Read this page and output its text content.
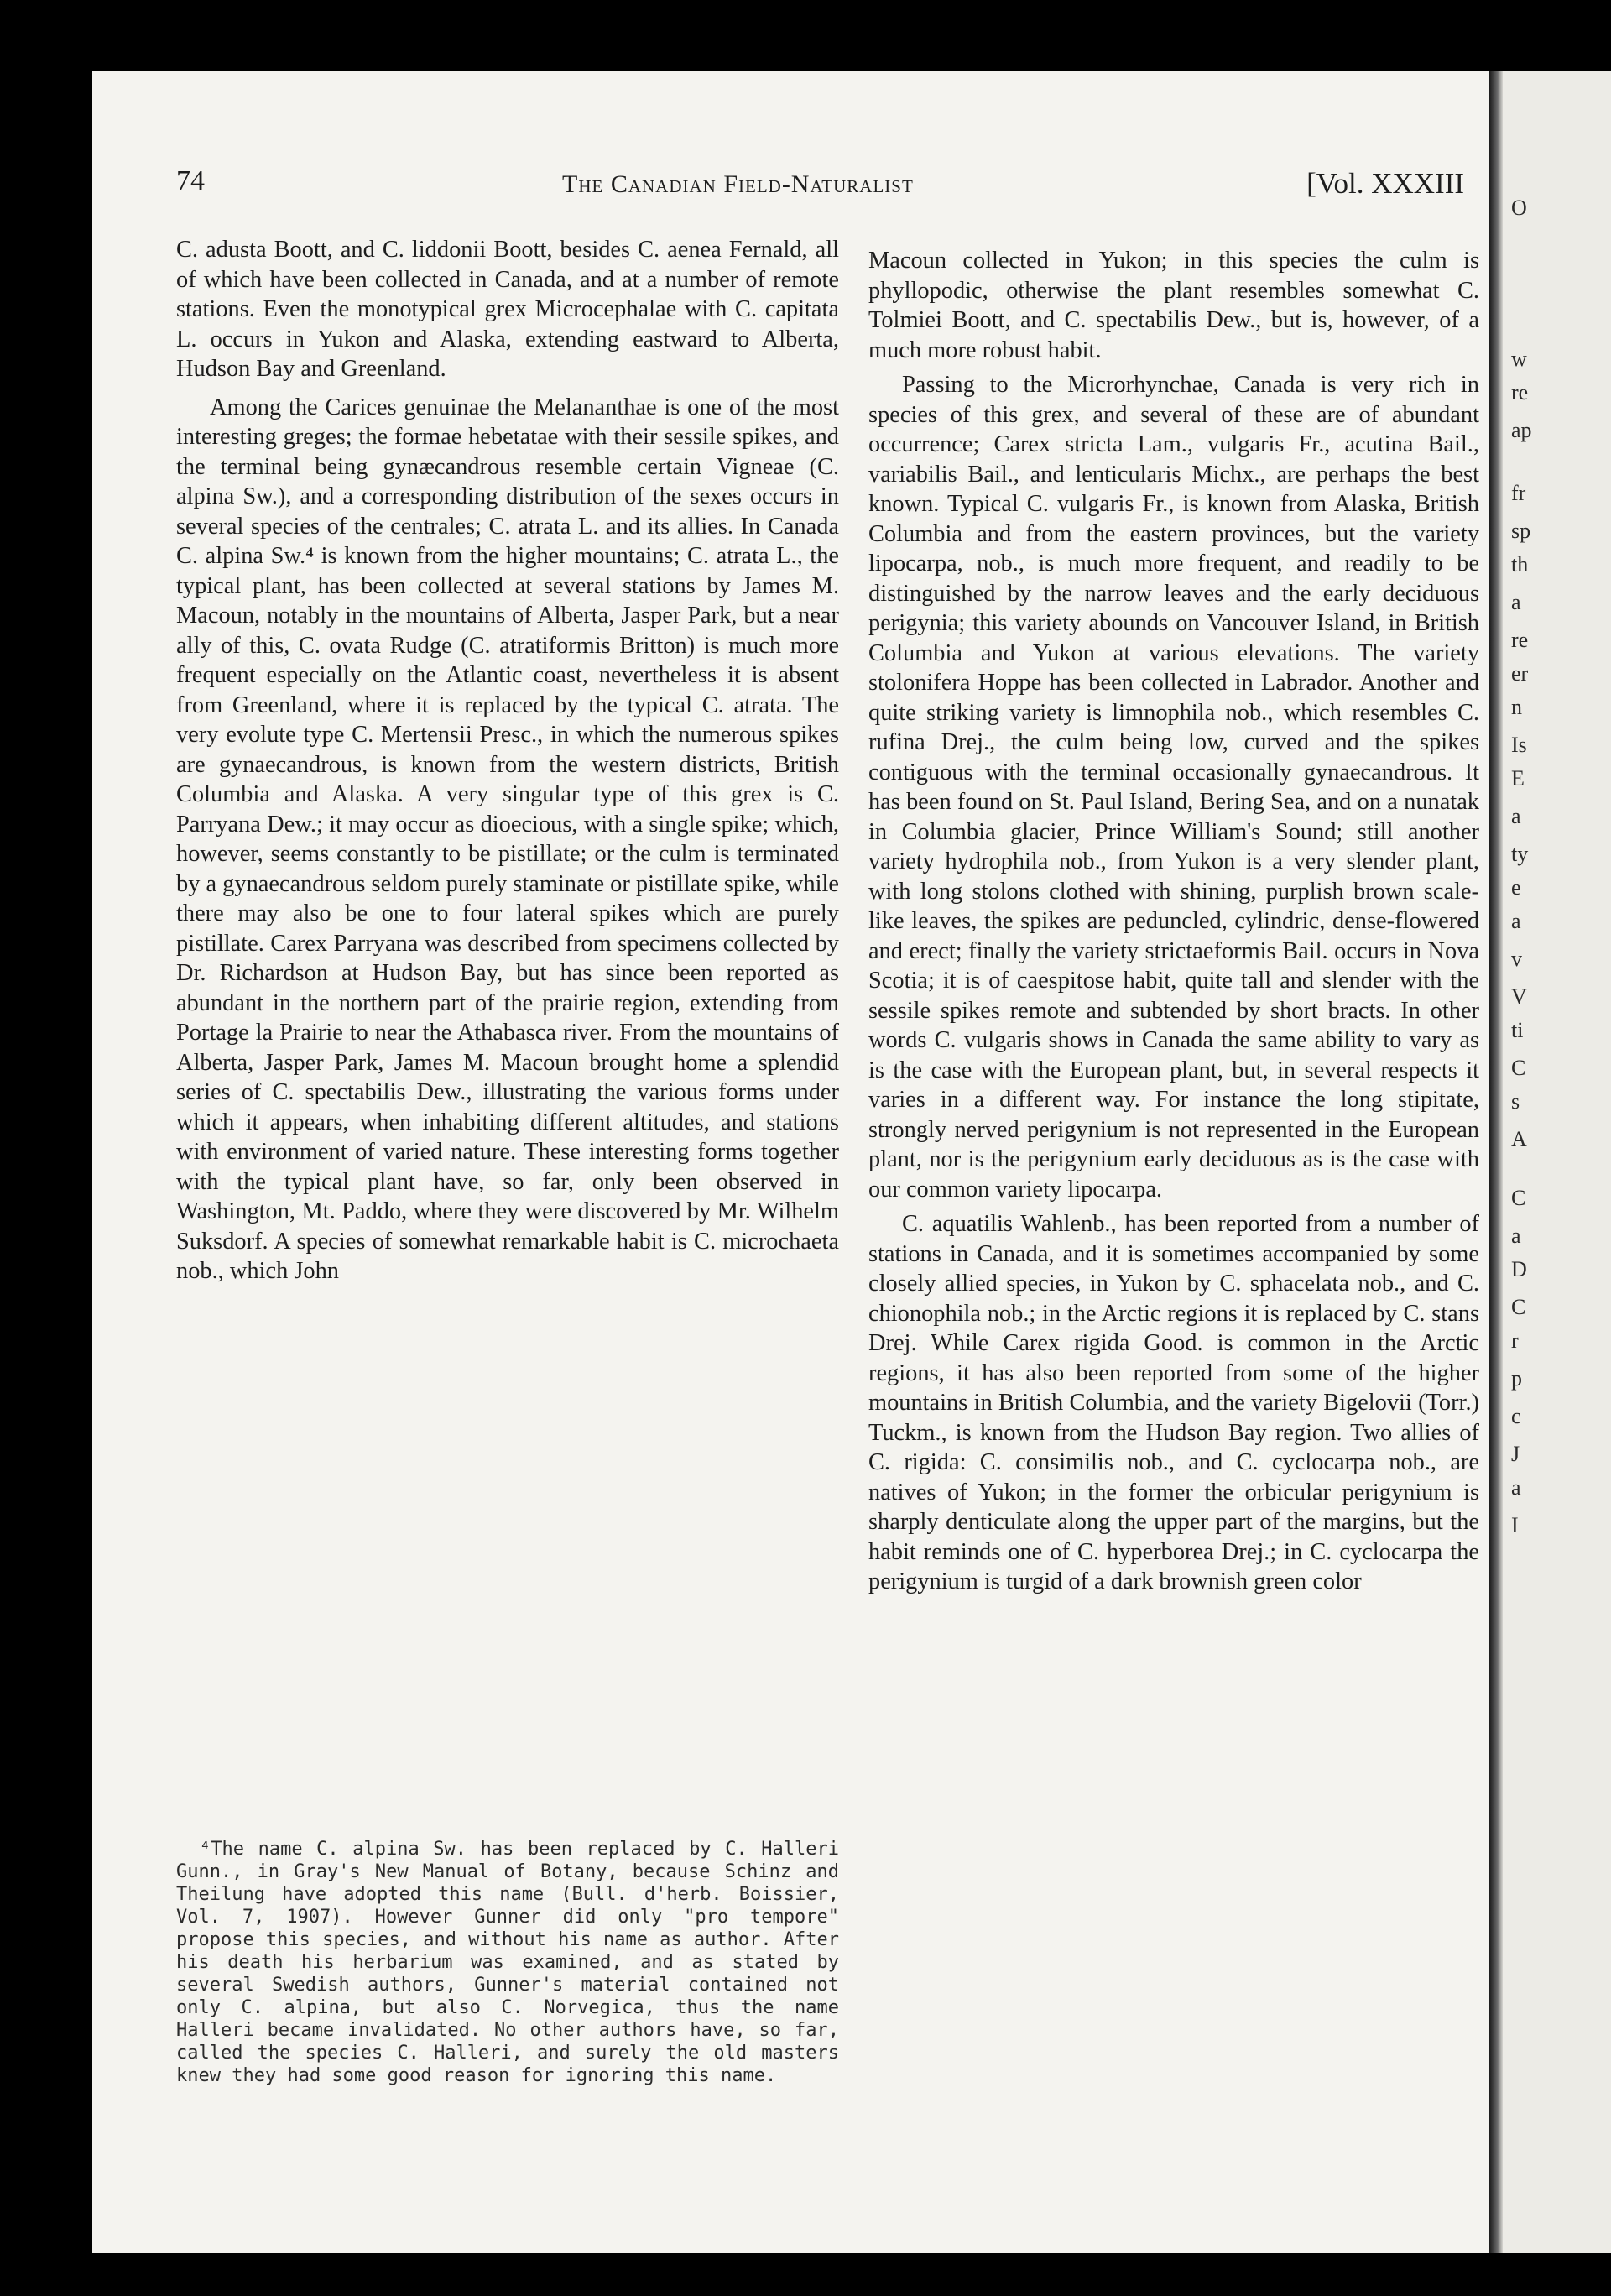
74	The Canadian Field-Naturalist	[Vol. XXXIII

C. adusta Boott, and C. liddonii Boott, besides C. aenea Fernald, all of which have been collected in Canada, and at a number of remote stations. Even the monotypical grex Microcephalae with C. capitata L. occurs in Yukon and Alaska, extending eastward to Alberta, Hudson Bay and Greenland.

Among the Carices genuinae the Melananthae is one of the most interesting greges; the formae hebetatae with their sessile spikes, and the terminal being gynæcandrous resemble certain Vigneae (C. alpina Sw.), and a corresponding distribution of the sexes occurs in several species of the centrales; C. atrata L. and its allies. In Canada C. alpina Sw.⁴ is known from the higher mountains; C. atrata L., the typical plant, has been collected at several stations by James M. Macoun, notably in the mountains of Alberta, Jasper Park, but a near ally of this, C. ovata Rudge (C. atratiformis Britton) is much more frequent especially on the Atlantic coast, nevertheless it is absent from Greenland, where it is replaced by the typical C. atrata. The very evolute type C. Mertensii Presc., in which the numerous spikes are gynaecandrous, is known from the western districts, British Columbia and Alaska. A very singular type of this grex is C. Parryana Dew.; it may occur as dioecious, with a single spike; which, however, seems constantly to be pistillate; or the culm is terminated by a gynaecandrous seldom purely staminate or pistillate spike, while there may also be one to four lateral spikes which are purely pistillate. Carex Parryana was described from specimens collected by Dr. Richardson at Hudson Bay, but has since been reported as abundant in the northern part of the prairie region, extending from Portage la Prairie to near the Athabasca river. From the mountains of Alberta, Jasper Park, James M. Macoun brought home a splendid series of C. spectabilis Dew., illustrating the various forms under which it appears, when inhabiting different altitudes, and stations with environment of varied nature. These interesting forms together with the typical plant have, so far, only been observed in Washington, Mt. Paddo, where they were discovered by Mr. Wilhelm Suksdorf. A species of somewhat remarkable habit is C. microchaeta nob., which John

⁴The name C. alpina Sw. has been replaced by C. Halleri Gunn., in Gray's New Manual of Botany, because Schinz and Theilung have adopted this name (Bull. d'herb. Boissier, Vol. 7, 1907). However Gunner did only "pro tempore" propose this species, and without his name as author. After his death his herbarium was examined, and as stated by several Swedish authors, Gunner's material contained not only C. alpina, but also C. Norvegica, thus the name Halleri became invalidated. No other authors have, so far, called the species C. Halleri, and surely the old masters knew they had some good reason for ignoring this name.

Macoun collected in Yukon; in this species the culm is phyllopodic, otherwise the plant resembles somewhat C. Tolmiei Boott, and C. spectabilis Dew., but is, however, of a much more robust habit.

Passing to the Microrhynchae, Canada is very rich in species of this grex, and several of these are of abundant occurrence; Carex stricta Lam., vulgaris Fr., acutina Bail., variabilis Bail., and lenticularis Michx., are perhaps the best known. Typical C. vulgaris Fr., is known from Alaska, British Columbia and from the eastern provinces, but the variety lipocarpa, nob., is much more frequent, and readily to be distinguished by the narrow leaves and the early deciduous perigynia; this variety abounds on Vancouver Island, in British Columbia and Yukon at various elevations. The variety stolonifera Hoppe has been collected in Labrador. Another and quite striking variety is limnophila nob., which resembles C. rufina Drej., the culm being low, curved and the spikes contiguous with the terminal occasionally gynaecandrous. It has been found on St. Paul Island, Bering Sea, and on a nunatak in Columbia glacier, Prince William's Sound; still another variety hydrophila nob., from Yukon is a very slender plant, with long stolons clothed with shining, purplish brown scale-like leaves, the spikes are peduncled, cylindric, dense-flowered and erect; finally the variety strictaeformis Bail. occurs in Nova Scotia; it is of caespitose habit, quite tall and slender with the sessile spikes remote and subtended by short bracts. In other words C. vulgaris shows in Canada the same ability to vary as is the case with the European plant, but, in several respects it varies in a different way. For instance the long stipitate, strongly nerved perigynium is not represented in the European plant, nor is the perigynium early deciduous as is the case with our common variety lipocarpa.

C. aquatilis Wahlenb., has been reported from a number of stations in Canada, and it is sometimes accompanied by some closely allied species, in Yukon by C. sphacelata nob., and C. chionophila nob.; in the Arctic regions it is replaced by C. stans Drej. While Carex rigida Good. is common in the Arctic regions, it has also been reported from some of the higher mountains in British Columbia, and the variety Bigelovii (Torr.) Tuckm., is known from the Hudson Bay region. Two allies of C. rigida: C. consimilis nob., and C. cyclocarpa nob., are natives of Yukon; in the former the orbicular perigynium is sharply denticulate along the upper part of the margins, but the habit reminds one of C. hyperborea Drej.; in C. cyclocarpa the perigynium is turgid of a dark brownish green color

O
w
re
ap
fr
sp
th
a
re
er
n
Is
E
a
ty
e
a
v
V
ti
C
s
A
C
a
D
C
r
p
c
J
a
I
